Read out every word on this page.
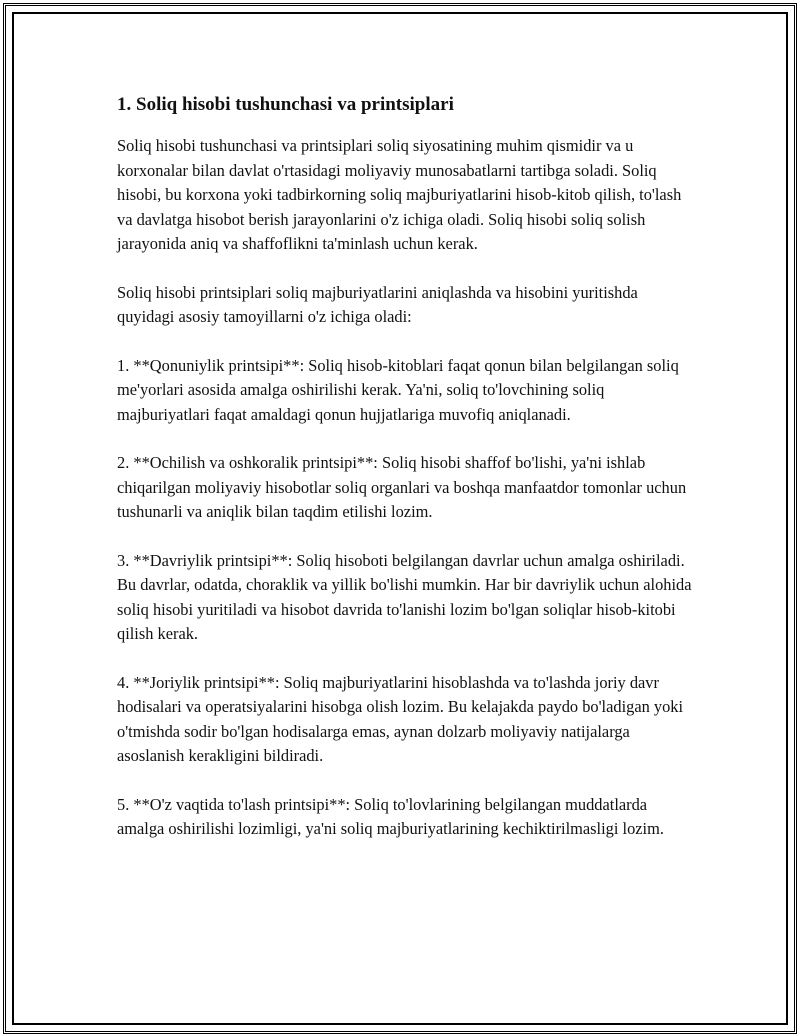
1. Soliq hisobi tushunchasi va printsiplari

Soliq hisobi tushunchasi va printsiplari soliq siyosatining muhim qismidir va u korxonalar bilan davlat o'rtasidagi moliyaviy munosabatlarni tartibga soladi. Soliq hisobi, bu korxona yoki tadbirkorning soliq majburiyatlarini hisob-kitob qilish, to'lash va davlatga hisobot berish jarayonlarini o'z ichiga oladi. Soliq hisobi soliq solish jarayonida aniq va shaffoflikni ta'minlash uchun kerak.

Soliq hisobi printsiplari soliq majburiyatlarini aniqlashda va hisobini yuritishda quyidagi asosiy tamoyillarni o'z ichiga oladi:

1. **Qonuniylik printsipi**: Soliq hisob-kitoblari faqat qonun bilan belgilangan soliq me'yorlari asosida amalga oshirilishi kerak. Ya'ni, soliq to'lovchining soliq majburiyatlari faqat amaldagi qonun hujjatlariga muvofiq aniqlanadi.

2. **Ochilish va oshkoralik printsipi**: Soliq hisobi shaffof bo'lishi, ya'ni ishlab chiqarilgan moliyaviy hisobotlar soliq organlari va boshqa manfaatdor tomonlar uchun tushunarli va aniqlik bilan taqdim etilishi lozim.

3. **Davriylik printsipi**: Soliq hisoboti belgilangan davrlar uchun amalga oshiriladi. Bu davrlar, odatda, choraklik va yillik bo'lishi mumkin. Har bir davriylik uchun alohida soliq hisobi yuritiladi va hisobot davrida to'lanishi lozim bo'lgan soliqlar hisob-kitobi qilish kerak.

4. **Joriylik printsipi**: Soliq majburiyatlarini hisoblashda va to'lashda joriy davr hodisalari va operatsiyalarini hisobga olish lozim. Bu kelajakda paydo bo'ladigan yoki o'tmishda sodir bo'lgan hodisalarga emas, aynan dolzarb moliyaviy natijalarga asoslanish kerakligini bildiradi.

5. **O'z vaqtida to'lash printsipi**: Soliq to'lovlarining belgilangan muddatlarda amalga oshirilishi lozimligi, ya'ni soliq majburiyatlarining kechiktirilmasligi lozim.
